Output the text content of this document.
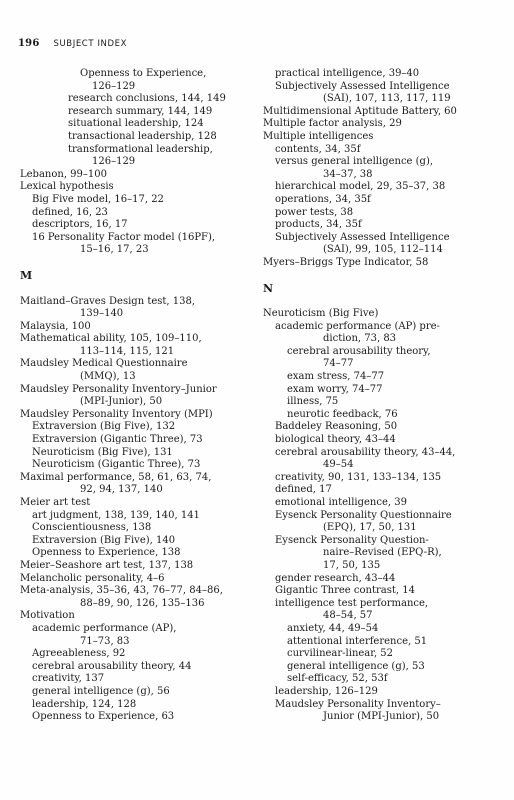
196 SUBJECT INDEX
Openness to Experience,
126–129
research conclusions, 144, 149
research summary, 144, 149
situational leadership, 124
transactional leadership, 128
transformational leadership,
126–129
Lebanon, 99–100
Lexical hypothesis
Big Five model, 16–17, 22
defined, 16, 23
descriptors, 16, 17
16 Personality Factor model (16PF),
15–16, 17, 23
M
Maitland–Graves Design test, 138,
139–140
Malaysia, 100
Mathematical ability, 105, 109–110,
113–114, 115, 121
Maudsley Medical Questionnaire
(MMQ), 13
Maudsley Personality Inventory–Junior
(MPI-Junior), 50
Maudsley Personality Inventory (MPI)
Extraversion (Big Five), 132
Extraversion (Gigantic Three), 73
Neuroticism (Big Five), 131
Neuroticism (Gigantic Three), 73
Maximal performance, 58, 61, 63, 74,
92, 94, 137, 140
Meier art test
art judgment, 138, 139, 140, 141
Conscientiousness, 138
Extraversion (Big Five), 140
Openness to Experience, 138
Meier–Seashore art test, 137, 138
Melancholic personality, 4–6
Meta-analysis, 35–36, 43, 76–77, 84–86,
88–89, 90, 126, 135–136
Motivation
academic performance (AP),
71–73, 83
Agreeableness, 92
cerebral arousability theory, 44
creativity, 137
general intelligence (g), 56
leadership, 124, 128
Openness to Experience, 63
practical intelligence, 39–40
Subjectively Assessed Intelligence
(SAI), 107, 113, 117, 119
Multidimensional Aptitude Battery, 60
Multiple factor analysis, 29
Multiple intelligences
contents, 34, 35f
versus general intelligence (g),
34–37, 38
hierarchical model, 29, 35–37, 38
operations, 34, 35f
power tests, 38
products, 34, 35f
Subjectively Assessed Intelligence
(SAI), 99, 105, 112–114
Myers–Briggs Type Indicator, 58
N
Neuroticism (Big Five)
academic performance (AP) pre-
diction, 73, 83
cerebral arousability theory,
74–77
exam stress, 74–77
exam worry, 74–77
illness, 75
neurotic feedback, 76
Baddeley Reasoning, 50
biological theory, 43–44
cerebral arousability theory, 43–44,
49–54
creativity, 90, 131, 133–134, 135
defined, 17
emotional intelligence, 39
Eysenck Personality Questionnaire
(EPQ), 17, 50, 131
Eysenck Personality Question-
naire–Revised (EPQ-R),
17, 50, 135
gender research, 43–44
Gigantic Three contrast, 14
intelligence test performance,
48–54, 57
anxiety, 44, 49–54
attentional interference, 51
curvilinear-linear, 52
general intelligence (g), 53
self-efficacy, 52, 53f
leadership, 126–129
Maudsley Personality Inventory–
Junior (MPI-Junior), 50
